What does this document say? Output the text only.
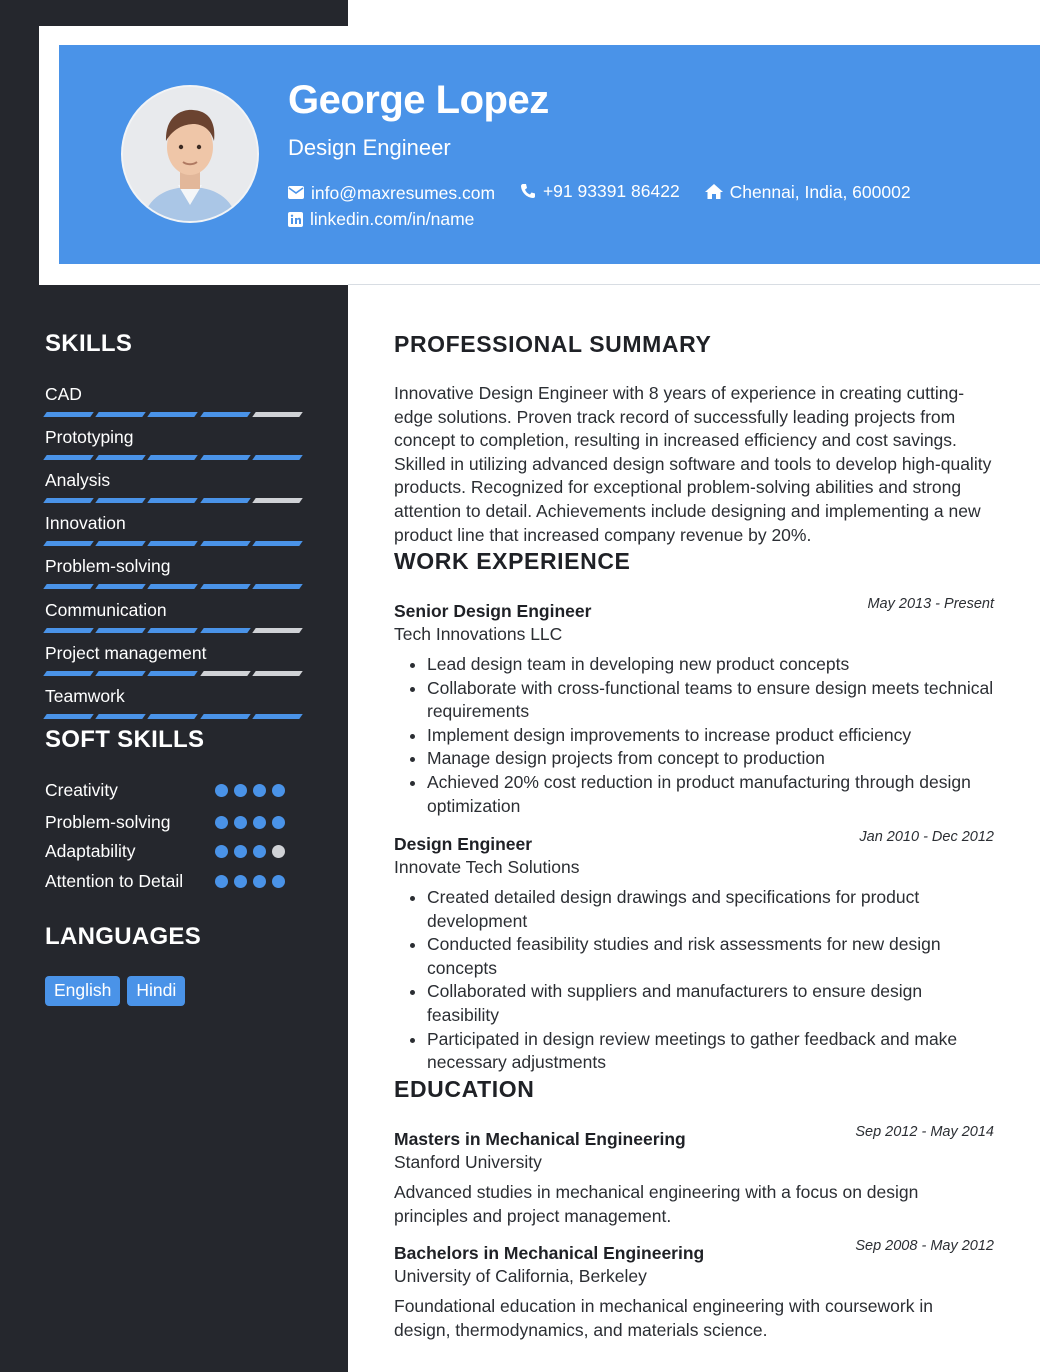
George Lopez
Design Engineer
info@maxresumes.com
	+91 93391 86422
	Chennai, India, 600002

linkedin.com/in/name
SKILLS
CAD
Prototyping
Analysis
Innovation
Problem-solving
Communication
Project management
Teamwork
SOFT SKILLS
Creativity
Problem-solving
Adaptability
Attention to Detail
LANGUAGES
English	Hindi
PROFESSIONAL SUMMARY
Innovative Design Engineer with 8 years of experience in creating cutting-edge solutions. Proven track record of successfully leading projects from concept to completion, resulting in increased efficiency and cost savings. Skilled in utilizing advanced design software and tools to develop high-quality products. Recognized for exceptional problem-solving abilities and strong attention to detail. Achievements include designing and implementing a new product line that increased company revenue by 20%.
WORK EXPERIENCE
Senior Design Engineer	May 2013 - Present
Tech Innovations LLC
• Lead design team in developing new product concepts
• Collaborate with cross-functional teams to ensure design meets technical requirements
• Implement design improvements to increase product efficiency
• Manage design projects from concept to production
• Achieved 20% cost reduction in product manufacturing through design optimization
Design Engineer	Jan 2010 - Dec 2012
Innovate Tech Solutions
• Created detailed design drawings and specifications for product development
• Conducted feasibility studies and risk assessments for new design concepts
• Collaborated with suppliers and manufacturers to ensure design feasibility
• Participated in design review meetings to gather feedback and make necessary adjustments
EDUCATION
Masters in Mechanical Engineering	Sep 2012 - May 2014
Stanford University
Advanced studies in mechanical engineering with a focus on design principles and project management.
Bachelors in Mechanical Engineering	Sep 2008 - May 2012
University of California, Berkeley
Foundational education in mechanical engineering with coursework in design, thermodynamics, and materials science.
